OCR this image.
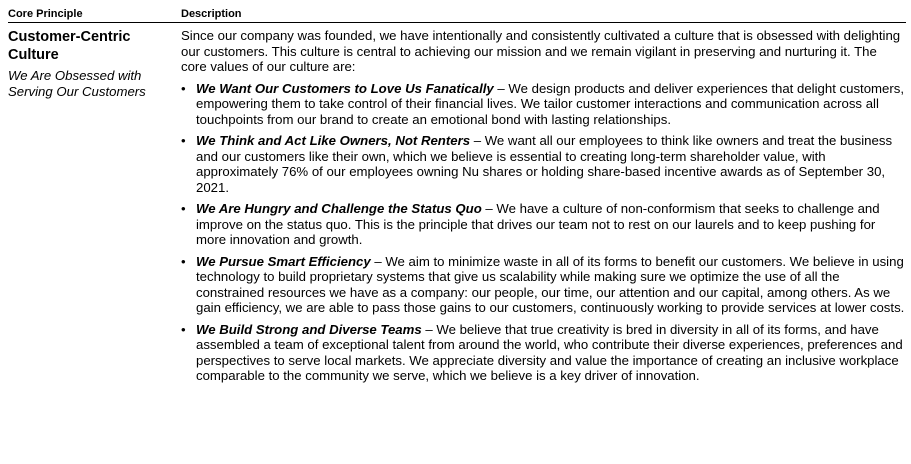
Core Principle	Description
Customer-Centric Culture
We Are Obsessed with Serving Our Customers

Since our company was founded, we have intentionally and consistently cultivated a culture that is obsessed with delighting our customers. This culture is central to achieving our mission and we remain vigilant in preserving and nurturing it. The core values of our culture are:

• We Want Our Customers to Love Us Fanatically – We design products and deliver experiences that delight customers, empowering them to take control of their financial lives. We tailor customer interactions and communication across all touchpoints from our brand to create an emotional bond with lasting relationships.
• We Think and Act Like Owners, Not Renters – We want all our employees to think like owners and treat the business and our customers like their own, which we believe is essential to creating long-term shareholder value, with approximately 76% of our employees owning Nu shares or holding share-based incentive awards as of September 30, 2021.
• We Are Hungry and Challenge the Status Quo – We have a culture of non-conformism that seeks to challenge and improve on the status quo. This is the principle that drives our team not to rest on our laurels and to keep pushing for more innovation and growth.
• We Pursue Smart Efficiency – We aim to minimize waste in all of its forms to benefit our customers. We believe in using technology to build proprietary systems that give us scalability while making sure we optimize the use of all the constrained resources we have as a company: our people, our time, our attention and our capital, among others. As we gain efficiency, we are able to pass those gains to our customers, continuously working to provide services at lower costs.
• We Build Strong and Diverse Teams – We believe that true creativity is bred in diversity in all of its forms, and have assembled a team of exceptional talent from around the world, who contribute their diverse experiences, preferences and perspectives to serve local markets. We appreciate diversity and value the importance of creating an inclusive workplace comparable to the community we serve, which we believe is a key driver of innovation.
